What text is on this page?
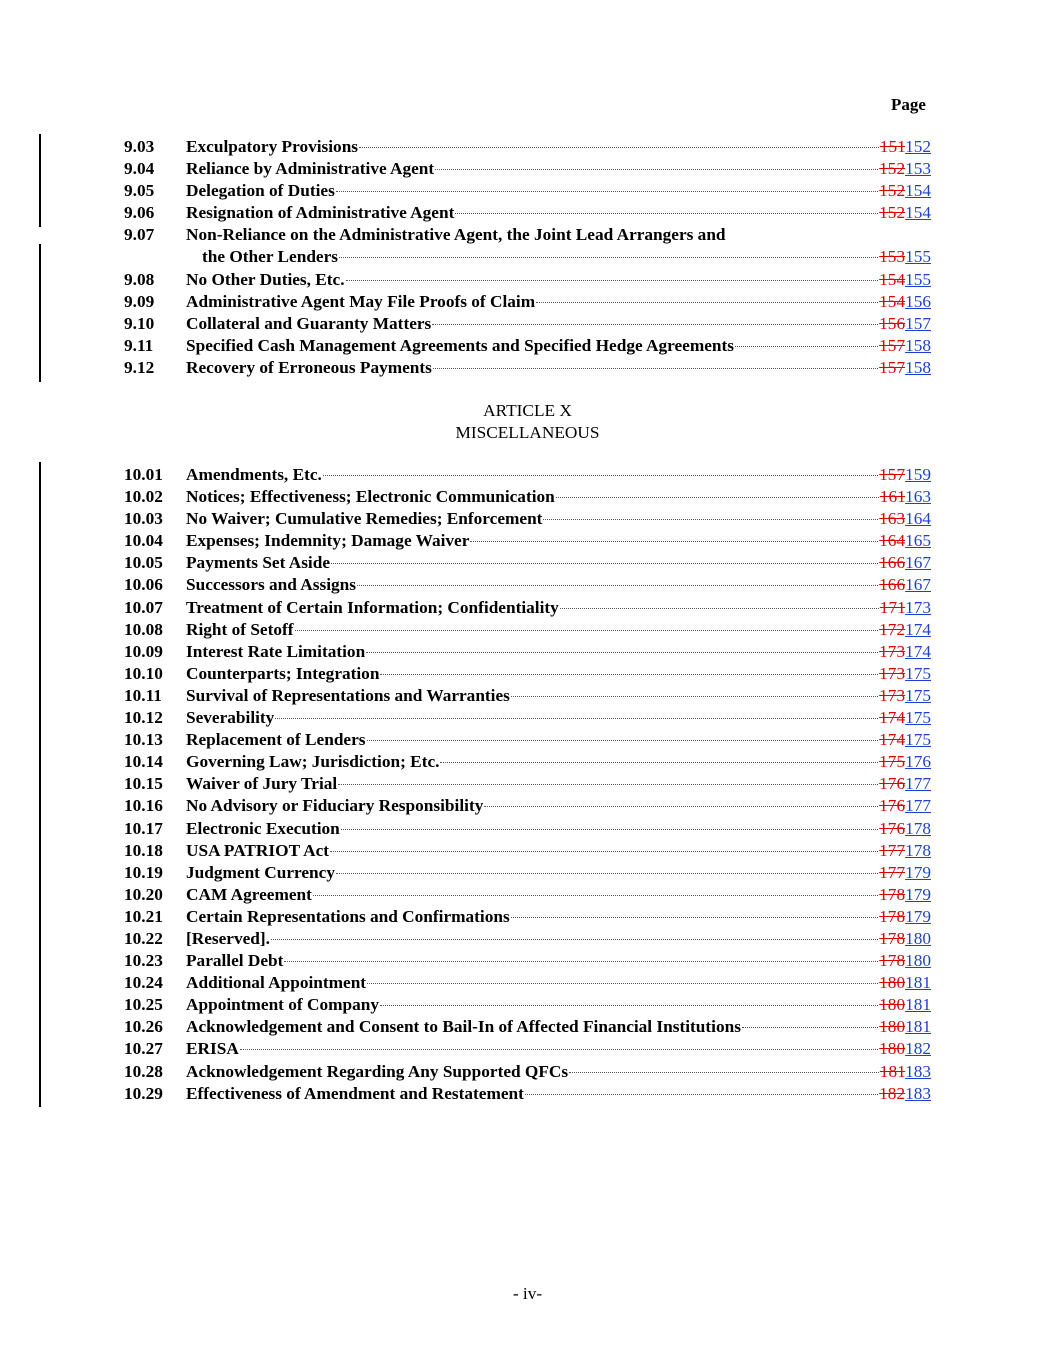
Page
9.03 Exculpatory Provisions	151152
9.04 Reliance by Administrative Agent	152153
9.05 Delegation of Duties	152154
9.06 Resignation of Administrative Agent	152154
9.07 Non-Reliance on the Administrative Agent, the Joint Lead Arrangers and
the Other Lenders	153155
9.08 No Other Duties, Etc.	154155
9.09 Administrative Agent May File Proofs of Claim	154156
9.10 Collateral and Guaranty Matters	156157
9.11 Specified Cash Management Agreements and Specified Hedge Agreements	157158
9.12 Recovery of Erroneous Payments	157158
ARTICLE X
MISCELLANEOUS
10.01 Amendments, Etc.	157159
10.02 Notices; Effectiveness; Electronic Communication	161163
10.03 No Waiver; Cumulative Remedies; Enforcement	163164
10.04 Expenses; Indemnity; Damage Waiver	164165
10.05 Payments Set Aside	166167
10.06 Successors and Assigns	166167
10.07 Treatment of Certain Information; Confidentiality	171173
10.08 Right of Setoff	172174
10.09 Interest Rate Limitation	173174
10.10 Counterparts; Integration	173175
10.11 Survival of Representations and Warranties	173175
10.12 Severability	174175
10.13 Replacement of Lenders	174175
10.14 Governing Law; Jurisdiction; Etc.	175176
10.15 Waiver of Jury Trial	176177
10.16 No Advisory or Fiduciary Responsibility	176177
10.17 Electronic Execution	176178
10.18 USA PATRIOT Act	177178
10.19 Judgment Currency	177179
10.20 CAM Agreement	178179
10.21 Certain Representations and Confirmations	178179
10.22 [Reserved].	178180
10.23 Parallel Debt	178180
10.24 Additional Appointment	180181
10.25 Appointment of Company	180181
10.26 Acknowledgement and Consent to Bail-In of Affected Financial Institutions	180181
10.27 ERISA	180182
10.28 Acknowledgement Regarding Any Supported QFCs	181183
10.29 Effectiveness of Amendment and Restatement	182183
- iv-
